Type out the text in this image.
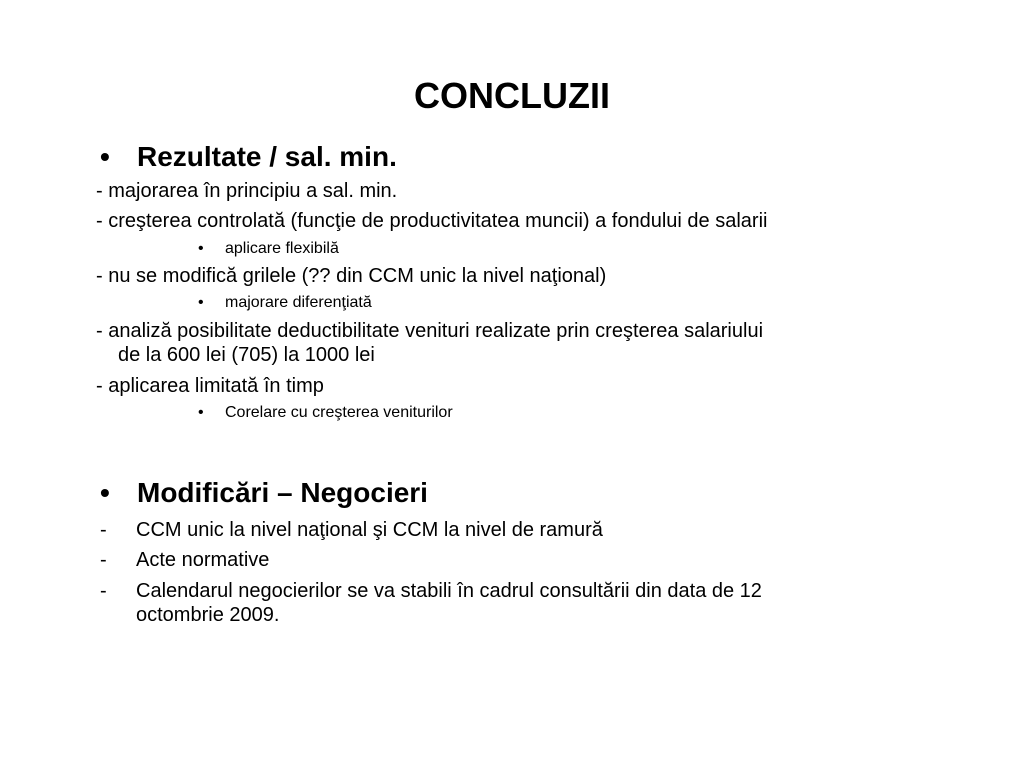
CONCLUZII
• Rezultate / sal. min.
- majorarea în principiu a sal. min.
- creşterea controlată (funcţie de productivitatea muncii) a fondului de salarii
• aplicare flexibilă
- nu se modifică grilele (?? din CCM unic la nivel naţional)
• majorare diferenţiată
- analiză posibilitate deductibilitate venituri realizate prin creşterea salariului
de la 600 lei (705) la 1000 lei
- aplicarea limitată în timp
• Corelare cu creşterea veniturilor
• Modificări – Negocieri
- CCM unic la nivel naţional şi CCM la nivel de ramură
- Acte normative
- Calendarul negocierilor se va stabili în cadrul consultării din data de 12
octombrie 2009.
